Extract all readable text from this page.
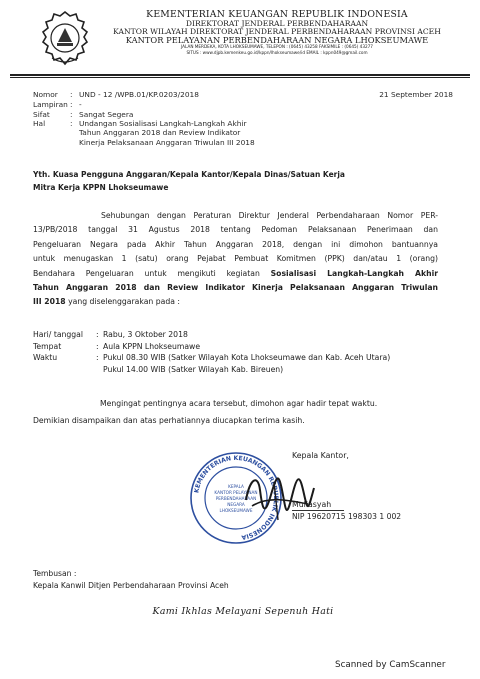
KEMENTERIAN KEUANGAN REPUBLIK INDONESIA
DIREKTORAT JENDERAL PERBENDAHARAAN
KANTOR WILAYAH DIREKTORAT JENDERAL PERBENDAHARAAN PROVINSI ACEH
KANTOR PELAYANAN PERBENDAHARAAN NEGARA LHOKSEUMAWE
JALAN MERDEKA, KOTA LHOKSEUMAWE, TELEPON : (0645) 43258 FAKSIMILE : (0645) 43277
SITUS : www.djpb.kemenkeu.go.id/kppn/lhokseumawe/id EMAIL : kppn049@gmail.com
Nomor : UND - 12 /WPB.01/KP.0203/2018	21 September 2018
Lampiran : -
Sifat	: Sangat Segera
Hal	: Undangan Sosialisasi Langkah-Langkah Akhir
Tahun Anggaran 2018 dan Review Indikator
Kinerja Pelaksanaan Anggaran Triwulan III 2018
Yth. Kuasa Pengguna Anggaran/Kepala Kantor/Kepala Dinas/Satuan Kerja
Mitra Kerja KPPN Lhokseumawe
Sehubungan dengan Peraturan Direktur Jenderal Perbendaharaan Nomor PER-
13/PB/2018 tanggal 31 Agustus 2018 tentang Pedoman Pelaksanaan Penerimaan dan
Pengeluaran Negara pada Akhir Tahun Anggaran 2018, dengan ini dimohon bantuannya
untuk menugaskan 1 (satu) orang Pejabat Pembuat Komitmen (PPK) dan/atau 1 (orang)
Bendahara Pengeluaran untuk mengikuti kegiatan Sosialisasi Langkah-Langkah Akhir
Tahun Anggaran 2018 dan Review Indikator Kinerja Pelaksanaan Anggaran Triwulan
III 2018 yang diselenggarakan pada :
Hari/ tanggal : Rabu, 3 Oktober 2018
Tempat	: Aula KPPN Lhokseumawe
Waktu	: Pukul 08.30 WIB (Satker Wilayah Kota Lhokseumawe dan Kab. Aceh Utara)
Pukul 14.00 WIB (Satker Wilayah Kab. Bireuen)
Mengingat pentingnya acara tersebut, dimohon agar hadir tepat waktu.
Demikian disampaikan dan atas perhatiannya diucapkan terima kasih.
KEMENTERIAN KEUANGAN REPUBLIK INDONESIA
KEPALA
KANTOR PELAYANAN
PERBENDAHARAAN
NEGARA
LHOKSEUMAWE
Kepala Kantor,
Muliasyah
NIP 19620715 198303 1 002
Tembusan :
Kepala Kanwil Ditjen Perbendaharaan Provinsi Aceh
Kami Ikhlas Melayani Sepenuh Hati
Scanned by CamScanner
